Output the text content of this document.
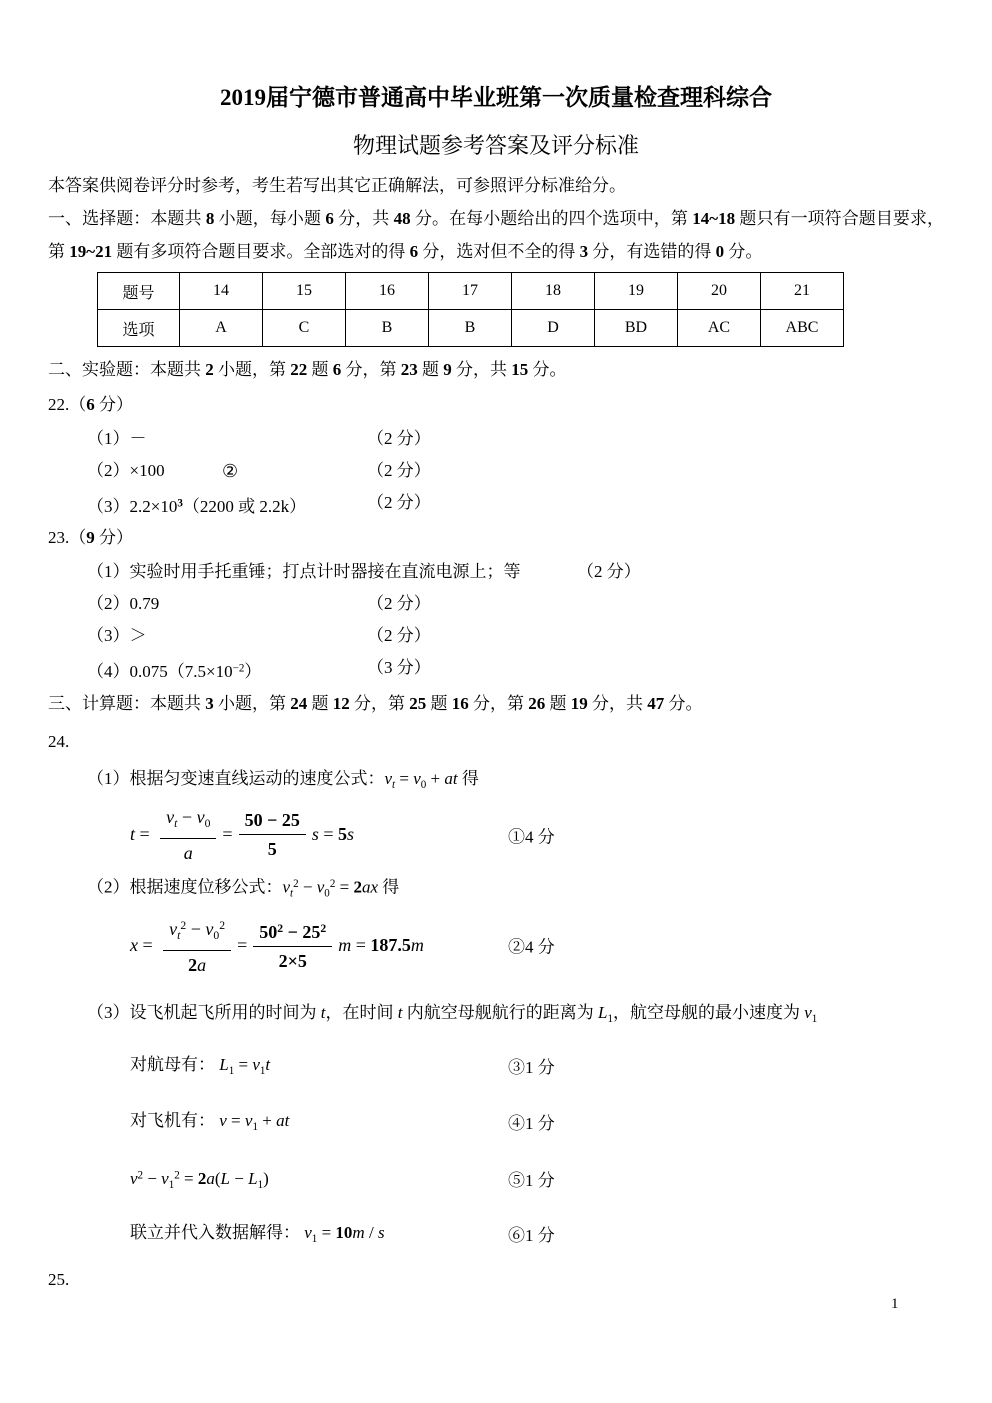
2019届宁德市普通高中毕业班第一次质量检查理科综合
物理试题参考答案及评分标准
本答案供阅卷评分时参考，考生若写出其它正确解法，可参照评分标准给分。
一、选择题：本题共 8 小题，每小题 6 分，共 48 分。在每小题给出的四个选项中，第 14~18 题只有一项符合题目要求，第 19~21 题有多项符合题目要求。全部选对的得 6 分，选对但不全的得 3 分，有选错的得 0 分。
题号	14	15	16	17	18	19	20	21
选项	A	C	B	B	D	BD	AC	ABC
二、实验题：本题共 2 小题，第 22 题 6 分，第 23 题 9 分，共 15 分。
22.（6 分）
（1）－	（2 分）
（2）×100	②	（2 分）
$(3)2.2\times 10^3(2200$ 或 2.2k）	（2 分）
23.（9 分）
（1）实验时用手托重锤；打点计时器接在直流电源上；等	（2 分）
（2）0.79	（2 分）
（3）＞	（2 分）
$(4)0.075(7.5\times 10^{-2})$	（3 分）
三、计算题：本题共 3 小题，第 24 题 12 分，第 25 题 16 分，第 26 题 19 分，共 47 分。
24.
（1）根据匀变速直线运动的速度公式：$v_t = v_0$ + at 得
$t = \frac{v_t - v_0}{a} = \frac{50 - 25}{5}$ s = 5s	①4 分
（2）根据速度位移公式：$v_t^2 - v_0^2 = 2ax$ 得
$x = \frac{v_t^2 - v_0^2}{2a} = \frac{50^2 - 25^2}{2\times 5}$ m = 187.5m	②4 分
（3）设飞机起飞所用的时间为 t，在时间 t 内航空母舰航行的距离为 $L_1$，航空母舰的最小速度为 $v_1$
对航母有： $L_1 = v_1t$	③1 分
对飞机有： $v = v_1$ + at	④1 分
$v^2 - v_1^2 = 2a(L - L_1)$	⑤1 分
联立并代入数据解得： $v_1 = 10m / s$	⑥1 分
25.
1
